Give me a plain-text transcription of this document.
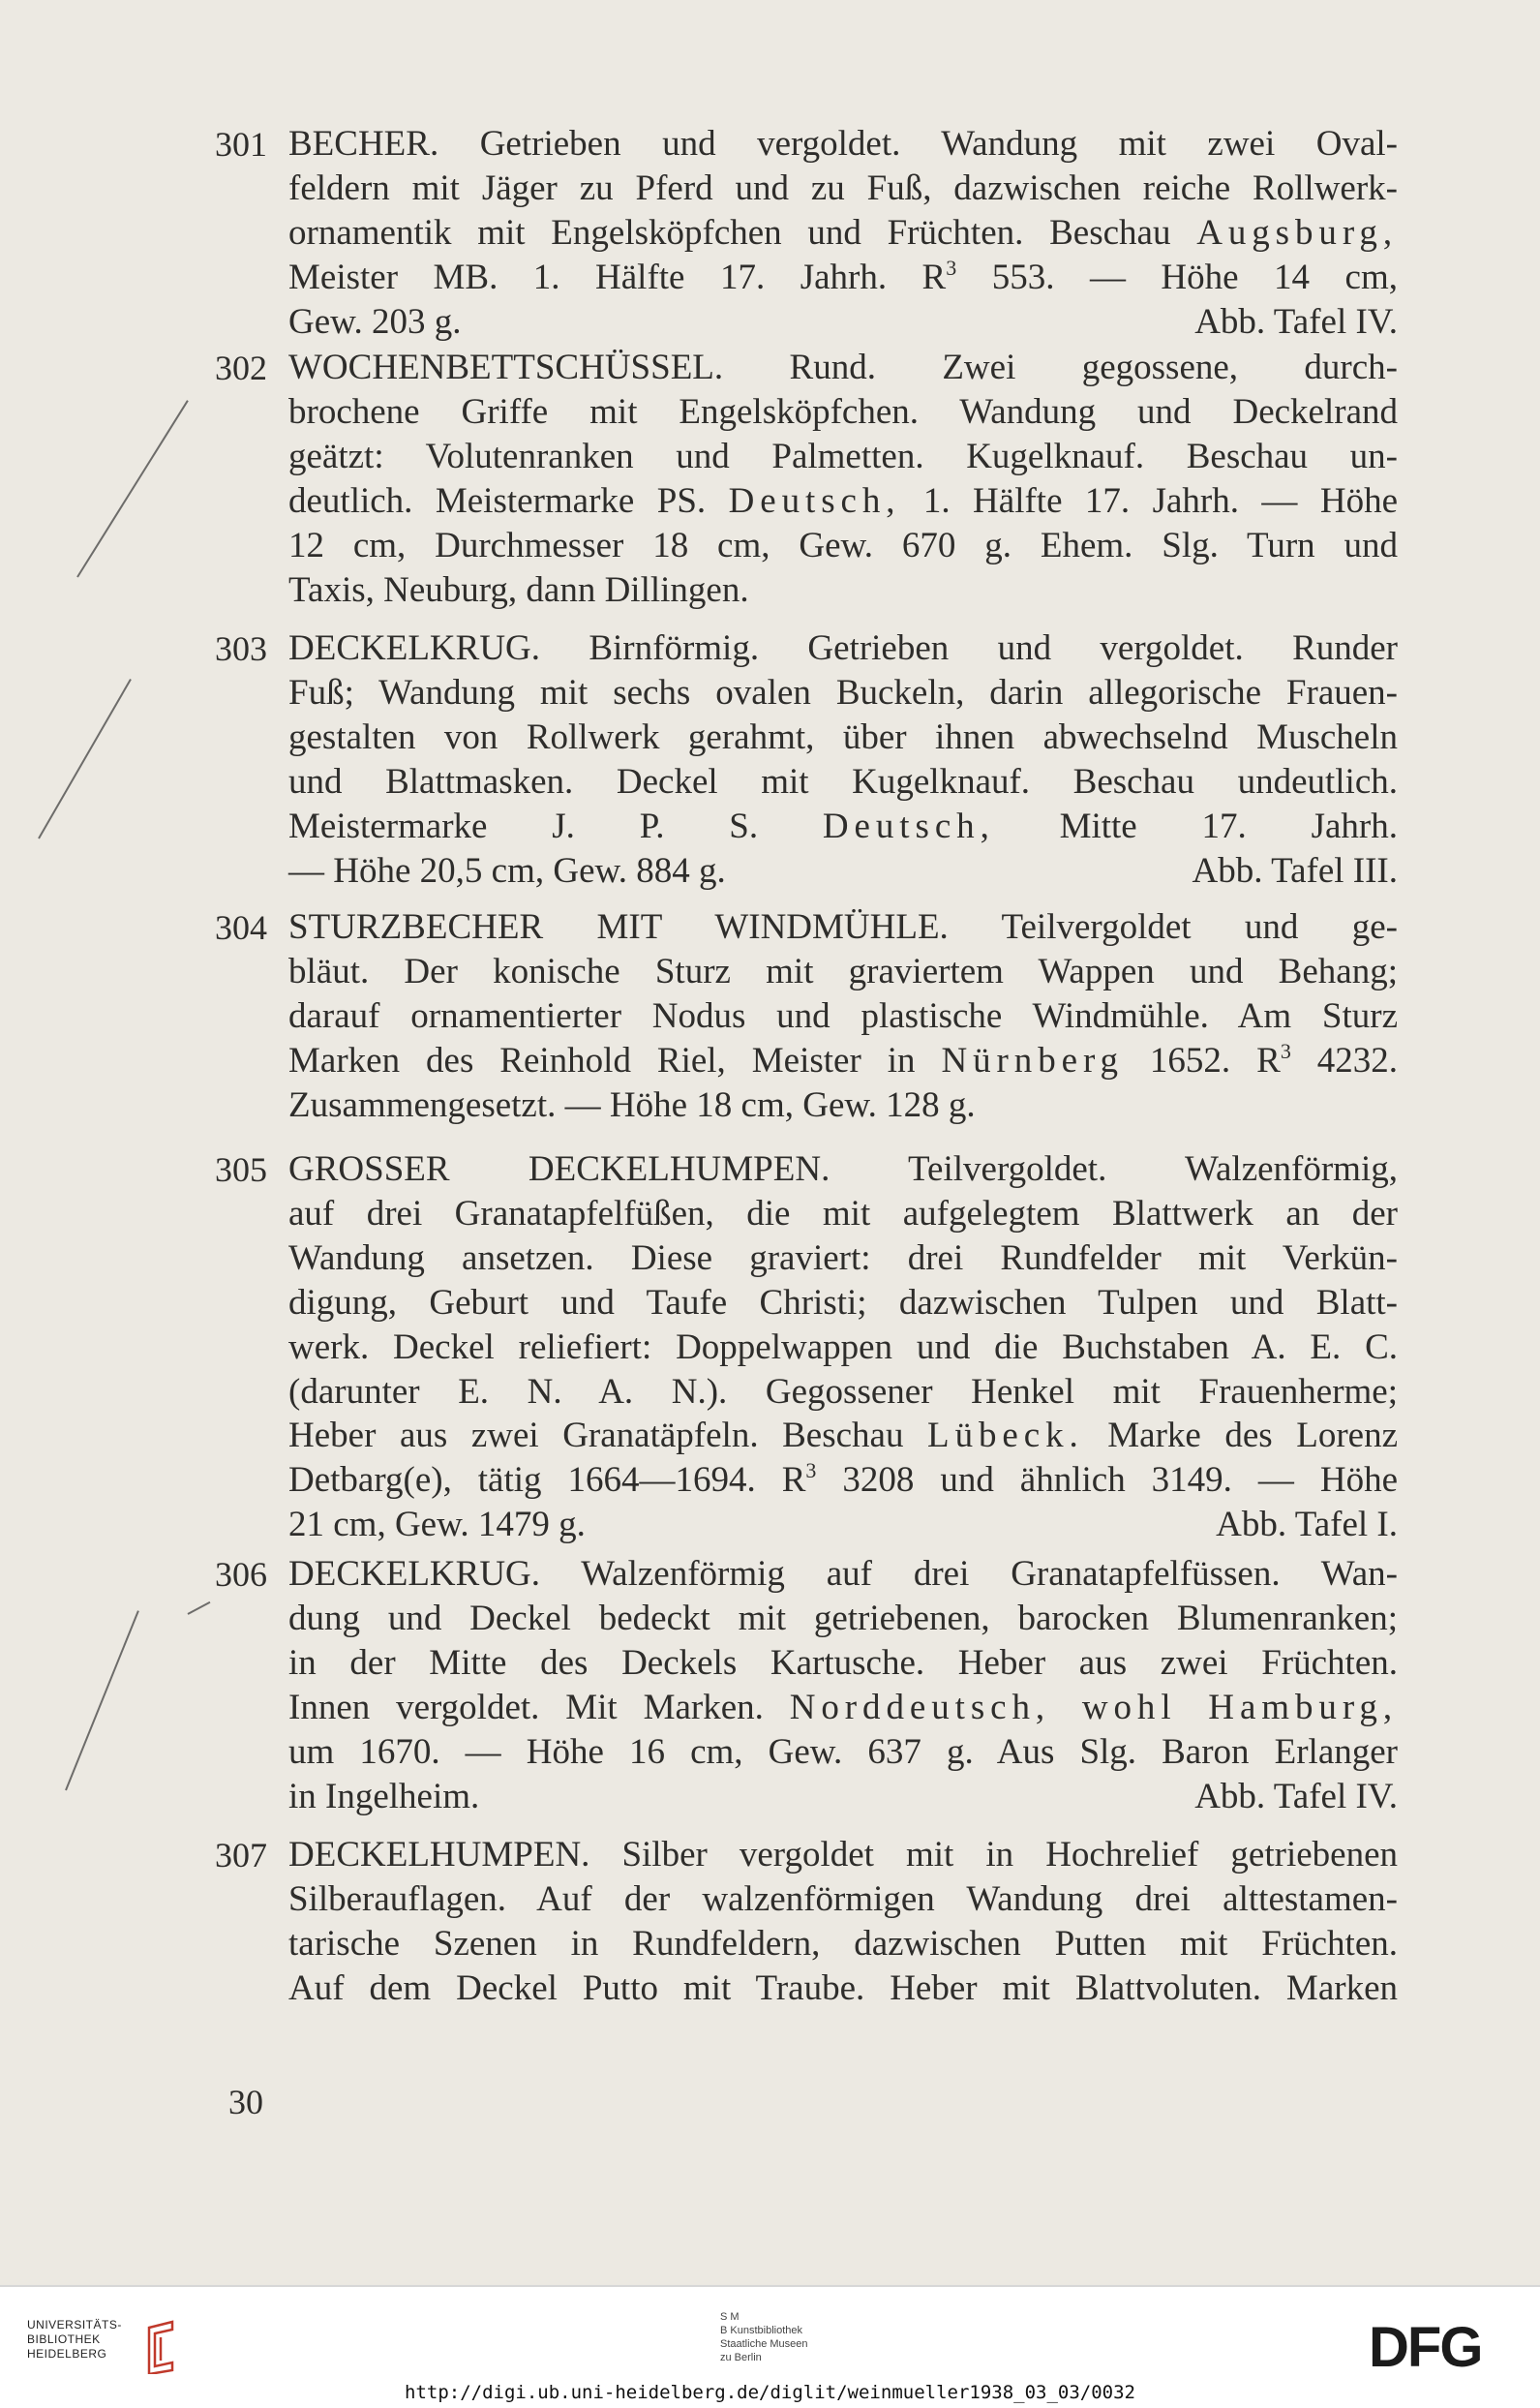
301 BECHER. Getrieben und vergoldet. Wandung mit zwei Oval-
feldern mit Jäger zu Pferd und zu Fuß, dazwischen reiche Rollwerk-
ornamentik mit Engelsköpfchen und Früchten. Beschau Augsburg,
Meister MB. 1. Hälfte 17. Jahrh. $R^3$ 553. — Höhe 14 cm,
Gew. 203 g.	Abb. Tafel IV.
302 WOCHENBETTSCHÜSSEL. Rund. Zwei gegossene, durch-
brochene Griffe mit Engelsköpfchen. Wandung und Deckelrand
geätzt: Volutenranken und Palmetten. Kugelknauf. Beschau un-
deutlich. Meistermarke PS. Deutsch, 1. Hälfte 17. Jahrh. — Höhe
12 cm, Durchmesser 18 cm, Gew. 670 g. Ehem. Slg. Turn und
Taxis, Neuburg, dann Dillingen.
303 DECKELKRUG. Birnförmig. Getrieben und vergoldet. Runder
Fuß; Wandung mit sechs ovalen Buckeln, darin allegorische Frauen-
gestalten von Rollwerk gerahmt, über ihnen abwechselnd Muscheln
und Blattmasken. Deckel mit Kugelknauf. Beschau undeutlich.
Meistermarke J. P. S. Deutsch, Mitte 17. Jahrh.
— Höhe 20,5 cm, Gew. 884 g.	Abb. Tafel III.
304 STURZBECHER MIT WINDMÜHLE. Teilvergoldet und ge-
bläut. Der konische Sturz mit graviertem Wappen und Behang;
darauf ornamentierter Nodus und plastische Windmühle. Am Sturz
Marken des Reinhold Riel, Meister in Nürnberg 1652. $R^3$ 4232.
Zusammengesetzt. — Höhe 18 cm, Gew. 128 g.
305 GROSSER DECKELHUMPEN. Teilvergoldet. Walzenförmig,
auf drei Granatapfelfüßen, die mit aufgelegtem Blattwerk an der
Wandung ansetzen. Diese graviert: drei Rundfelder mit Verkün-
digung, Geburt und Taufe Christi; dazwischen Tulpen und Blatt-
werk. Deckel reliefiert: Doppelwappen und die Buchstaben A. E. C.
(darunter E. N. A. N.). Gegossener Henkel mit Frauenherme;
Heber aus zwei Granatäpfeln. Beschau Lübeck. Marke des Lorenz
Detbarg(e), tätig 1664—1694. $R^3$ 3208 und ähnlich 3149. — Höhe
21 cm, Gew. 1479 g.	Abb. Tafel I.
306 DECKELKRUG. Walzenförmig auf drei Granatapfelfüssen. Wan-
dung und Deckel bedeckt mit getriebenen, barocken Blumenranken;
in der Mitte des Deckels Kartusche. Heber aus zwei Früchten.
Innen vergoldet. Mit Marken. Norddeutsch, wohl Hamburg,
um 1670. — Höhe 16 cm, Gew. 637 g. Aus Slg. Baron Erlanger
in Ingelheim.	Abb. Tafel IV.
307 DECKELHUMPEN. Silber vergoldet mit in Hochrelief getriebenen
Silberauflagen. Auf der walzenförmigen Wandung drei alttestamen-
tarische Szenen in Rundfeldern, dazwischen Putten mit Früchten.
Auf dem Deckel Putto mit Traube. Heber mit Blattvoluten. Marken
30
UNIVERSITÄTS-
BIBLIOTHEK
HEIDELBERG
S M
B Kunstbibliothek
Staatliche Museen
zu Berlin	DFG
http://digi.ub.uni-heidelberg.de/diglit/weinmueller1938_03_03/0032
